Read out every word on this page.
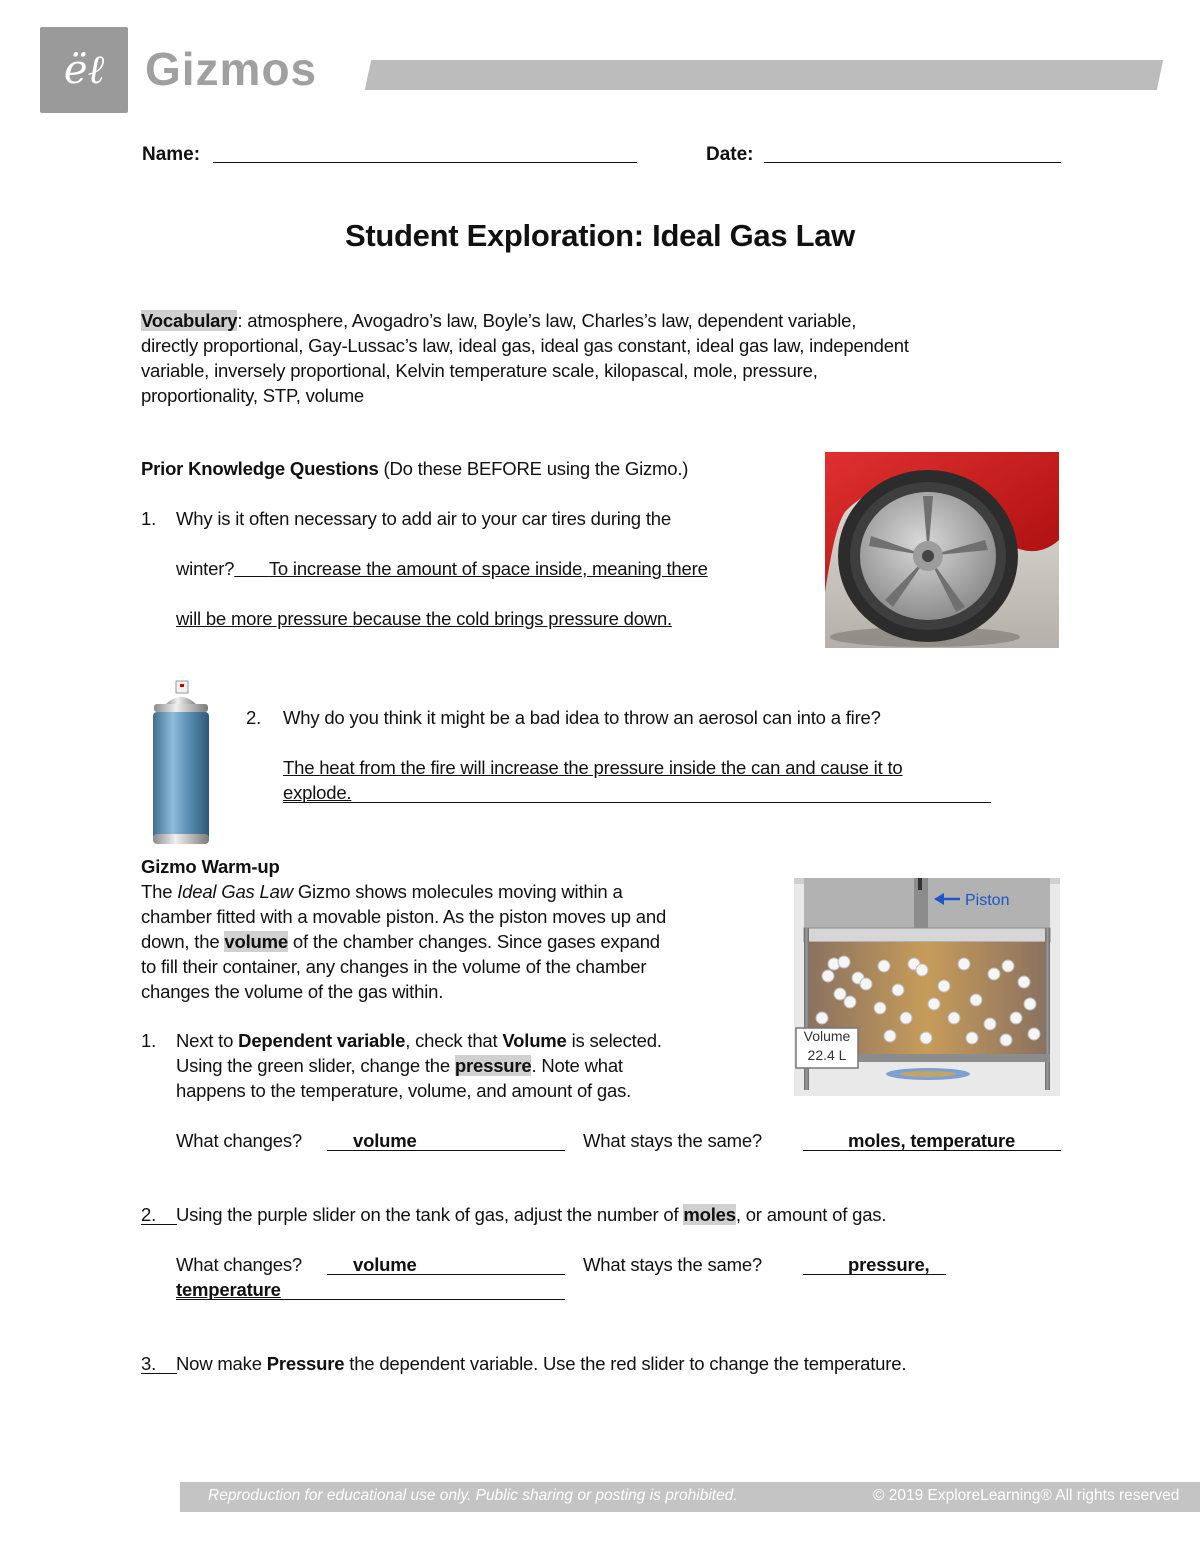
ëℓ Gizmos
Name:	Date:
Student Exploration: Ideal Gas Law
Vocabulary: atmosphere, Avogadro’s law, Boyle’s law, Charles’s law, dependent variable,
directly proportional, Gay-Lussac’s law, ideal gas, ideal gas constant, ideal gas law, independent
variable, inversely proportional, Kelvin temperature scale, kilopascal, mole, pressure,
proportionality, STP, volume
Prior Knowledge Questions (Do these BEFORE using the Gizmo.)
1. Why is it often necessary to add air to your car tires during the
winter? To increase the amount of space inside, meaning there
will be more pressure because the cold brings pressure down.
2. Why do you think it might be a bad idea to throw an aerosol can into a fire?
The heat from the fire will increase the pressure inside the can and cause it to
explode.
Gizmo Warm-up
The Ideal Gas Law Gizmo shows molecules moving within a
chamber fitted with a movable piston. As the piston moves up and
down, the volume of the chamber changes. Since gases expand
to fill their container, any changes in the volume of the chamber
changes the volume of the gas within.
Volume
22.4 L
Piston
1. Next to Dependent variable, check that Volume is selected.
Using the green slider, change the pressure. Note what
happens to the temperature, volume, and amount of gas.
What changes?	volume	What stays the same?	moles, temperature
2.	Using the purple slider on the tank of gas, adjust the number of moles, or amount of gas.
What changes?	volume	What stays the same?	pressure,
temperature
3.	Now make Pressure the dependent variable. Use the red slider to change the temperature.
Reproduction for educational use only. Public sharing or posting is prohibited.	© 2019 ExploreLearning® All rights reserved
